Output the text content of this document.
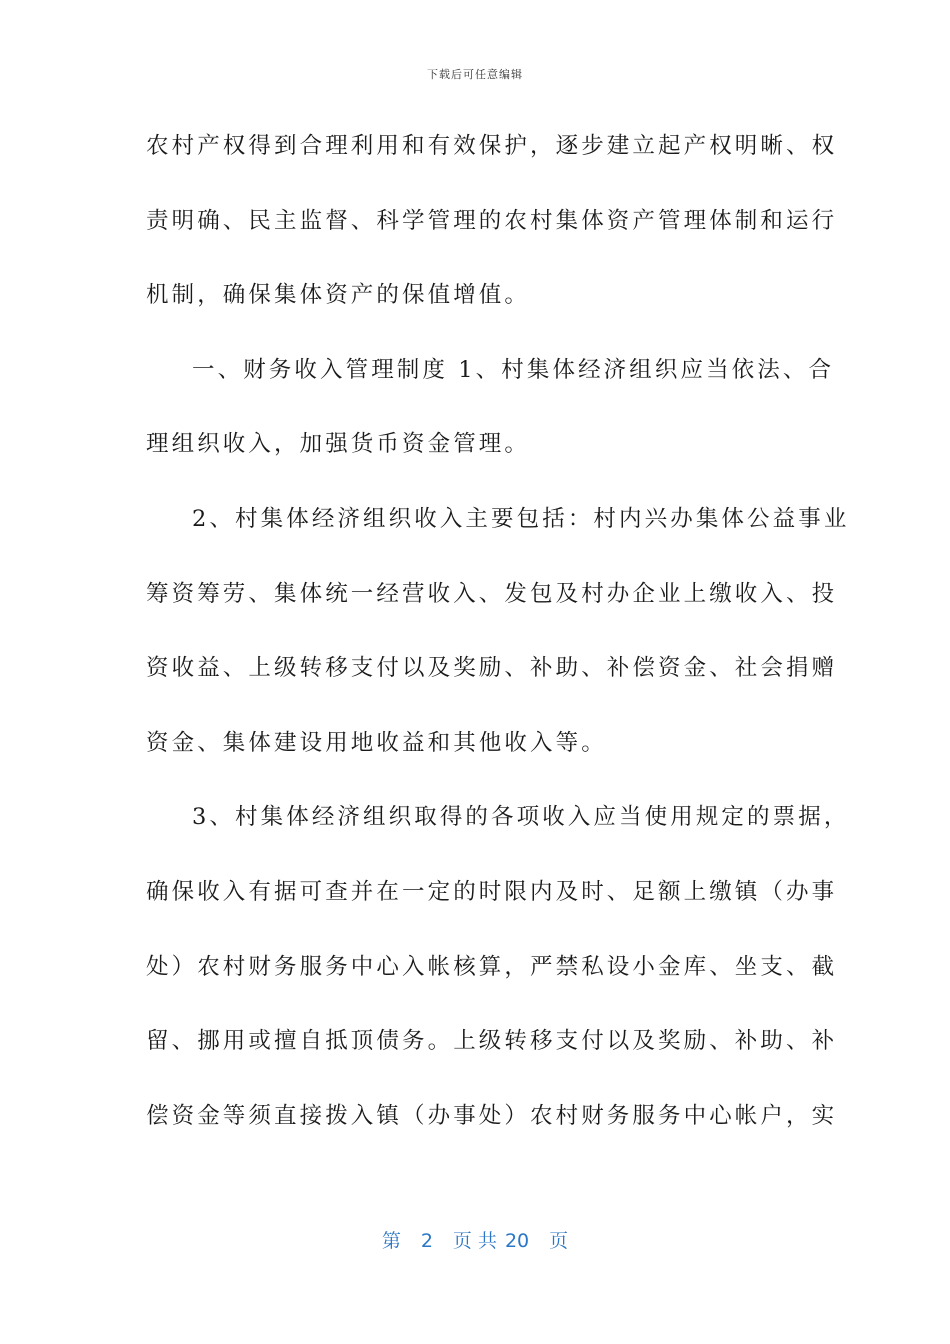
下载后可任意编辑
农村产权得到合理利用和有效保护，逐步建立起产权明晰、权
责明确、民主监督、科学管理的农村集体资产管理体制和运行
机制，确保集体资产的保值增值。
一、财务收入管理制度 1、村集体经济组织应当依法、合
理组织收入，加强货币资金管理。
2、村集体经济组织收入主要包括：村内兴办集体公益事业
筹资筹劳、集体统一经营收入、发包及村办企业上缴收入、投
资收益、上级转移支付以及奖励、补助、补偿资金、社会捐赠
资金、集体建设用地收益和其他收入等。
3、村集体经济组织取得的各项收入应当使用规定的票据，
确保收入有据可查并在一定的时限内及时、足额上缴镇（办事
处）农村财务服务中心入帐核算，严禁私设小金库、坐支、截
留、挪用或擅自抵顶债务。上级转移支付以及奖励、补助、补
偿资金等须直接拨入镇（办事处）农村财务服务中心帐户，实
第 2 页 共 20 页
